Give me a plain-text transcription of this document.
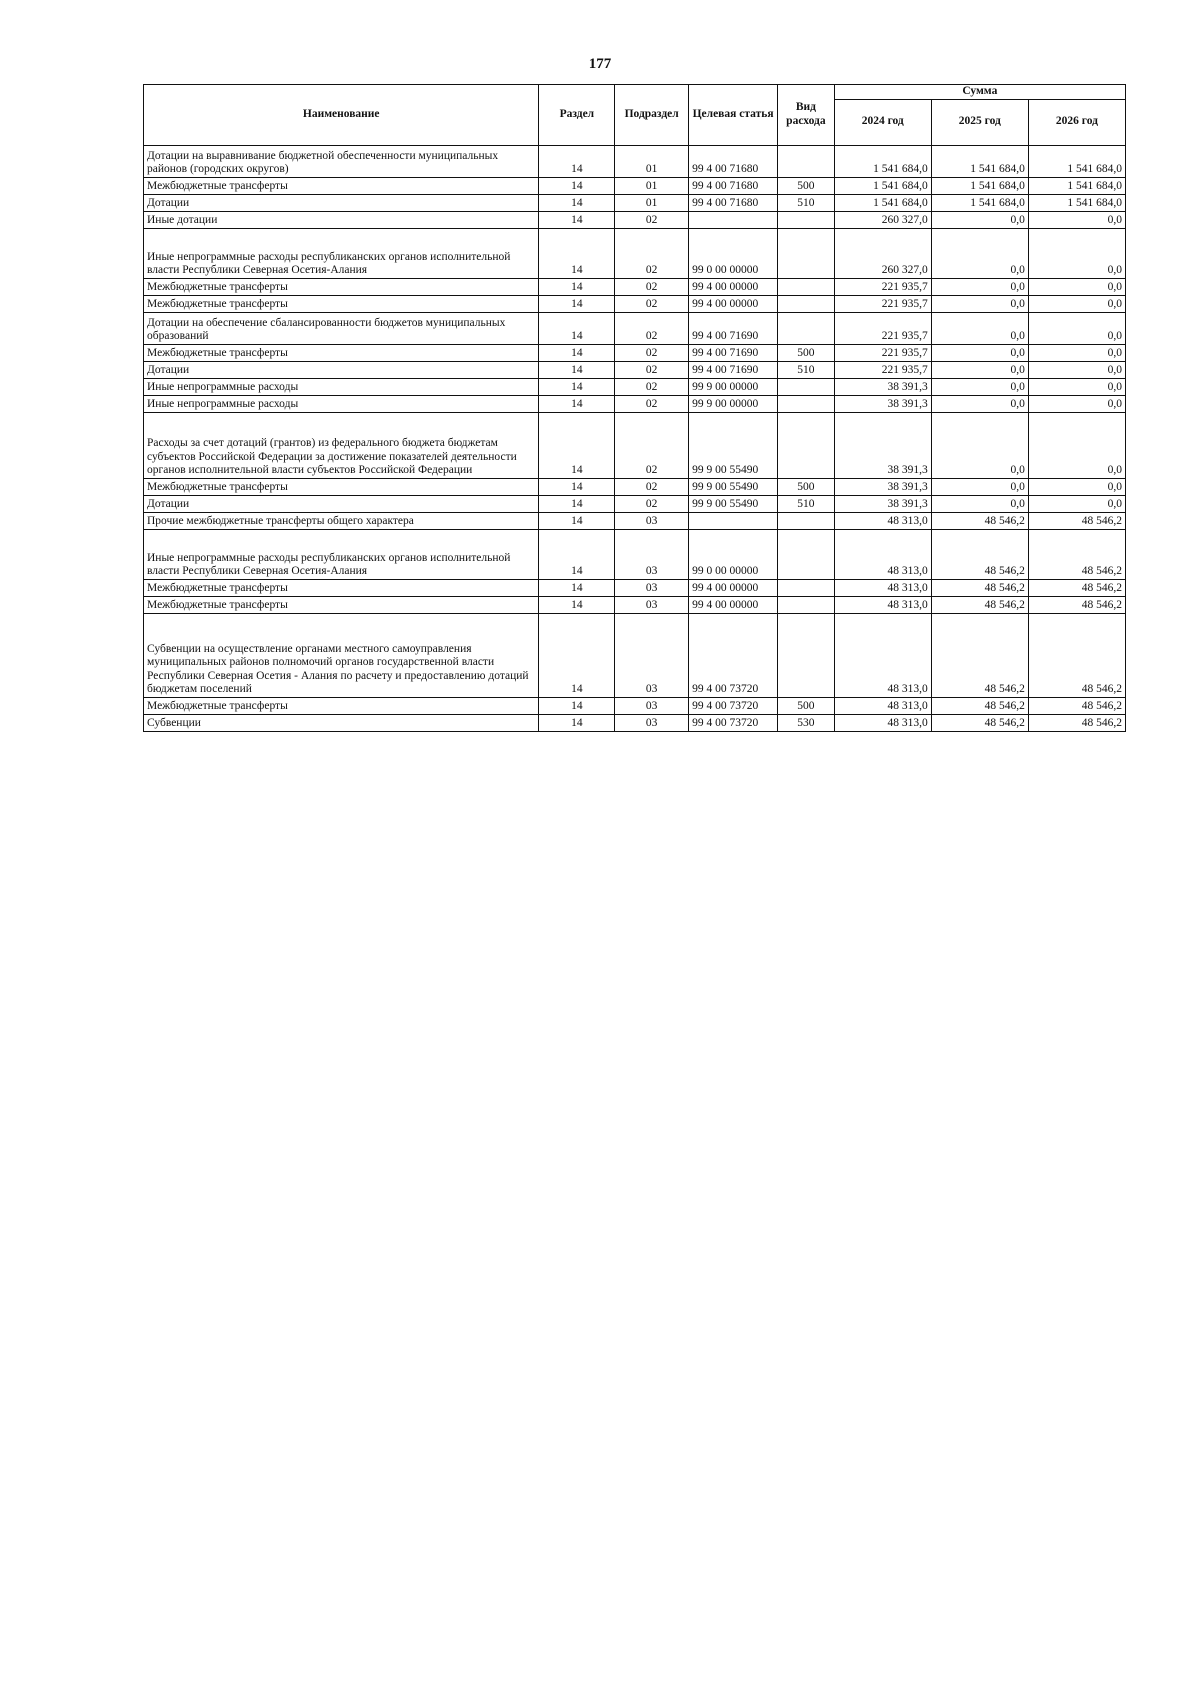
177
Наименование	Раздел	Подраздел	Целевая статья	Вид расхода	Сумма		
					2024 год	2025 год	2026 год
Дотации на выравнивание бюджетной обеспеченности муниципальных районов (городских округов)	14	01	99 4 00 71680		1 541 684,0	1 541 684,0	1 541 684,0
Межбюджетные трансферты	14	01	99 4 00 71680	500	1 541 684,0	1 541 684,0	1 541 684,0
Дотации	14	01	99 4 00 71680	510	1 541 684,0	1 541 684,0	1 541 684,0
Иные дотации	14	02			260 327,0	0,0	0,0
Иные непрограммные расходы республиканских органов исполнительной власти Республики Северная Осетия-Алания	14	02	99 0 00 00000		260 327,0	0,0	0,0
Межбюджетные трансферты	14	02	99 4 00 00000		221 935,7	0,0	0,0
Межбюджетные трансферты	14	02	99 4 00 00000		221 935,7	0,0	0,0
Дотации на обеспечение сбалансированности бюджетов муниципальных образований	14	02	99 4 00 71690		221 935,7	0,0	0,0
Межбюджетные трансферты	14	02	99 4 00 71690	500	221 935,7	0,0	0,0
Дотации	14	02	99 4 00 71690	510	221 935,7	0,0	0,0
Иные непрограммные расходы	14	02	99 9 00 00000		38 391,3	0,0	0,0
Иные непрограммные расходы	14	02	99 9 00 00000		38 391,3	0,0	0,0
Расходы за счет дотаций (грантов) из федерального бюджета бюджетам субъектов Российской Федерации за достижение показателей деятельности органов исполнительной власти субъектов Российской Федерации	14	02	99 9 00 55490		38 391,3	0,0	0,0
Межбюджетные трансферты	14	02	99 9 00 55490	500	38 391,3	0,0	0,0
Дотации	14	02	99 9 00 55490	510	38 391,3	0,0	0,0
Прочие межбюджетные трансферты общего характера	14	03			48 313,0	48 546,2	48 546,2
Иные непрограммные расходы республиканских органов исполнительной власти Республики Северная Осетия-Алания	14	03	99 0 00 00000		48 313,0	48 546,2	48 546,2
Межбюджетные трансферты	14	03	99 4 00 00000		48 313,0	48 546,2	48 546,2
Межбюджетные трансферты	14	03	99 4 00 00000		48 313,0	48 546,2	48 546,2
Субвенции на осуществление органами местного самоуправления муниципальных районов полномочий органов государственной власти Республики Северная Осетия - Алания по расчету и предоставлению дотаций бюджетам поселений	14	03	99 4 00 73720		48 313,0	48 546,2	48 546,2
Межбюджетные трансферты	14	03	99 4 00 73720	500	48 313,0	48 546,2	48 546,2
Субвенции	14	03	99 4 00 73720	530	48 313,0	48 546,2	48 546,2
